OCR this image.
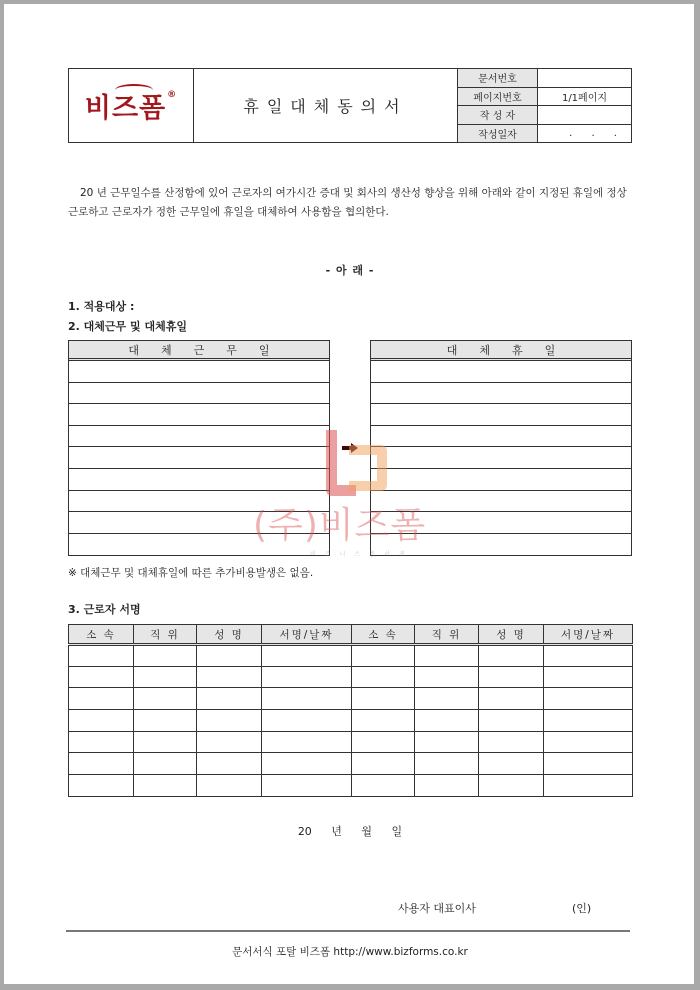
비즈폼®
휴일대체동의서
문서번호
페이지번호	1/1페이지
작 성 자
작성일자	. . .

20 년 근무일수를 산정함에 있어 근로자의 여가시간 증대 및 회사의 생산성 향상을 위해 아래와 같이 지정된 휴일에 정상근로하고 근로자가 정한 근무일에 휴일을 대체하여 사용함을 협의한다.

- 아 래 -
1. 적용대상 :
2. 대체근무 및 대체휴일
대체근무일	대체휴일
(주)비즈폼
비즈니스폼서게
※ 대체근무 및 대체휴일에 따른 추가비용발생은 없음.
3. 근로자 서명
소 속	직 위	성 명	서명/날짜	소 속	직 위	성 명	서명/날짜

20 년 월 일
사용자 대표이사	(인)
문서서식 포탈 비즈폼 http://www.bizforms.co.kr
